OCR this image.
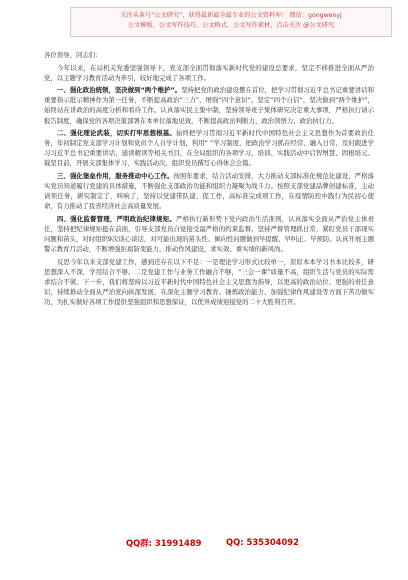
关注头条号“公文研究”，获得最新最全最专业的公文资料库！ 微信：gongwenyj

公文模板、公文写作技巧、公文格式、公文写作素材，点击关注 @公文研究

各位领导、同志们：

今年以来，在局机关党委坚强领导下，党支部全面贯彻落实新时代党的建设总要求，坚定不移推进全面从严治党，以主题学习教育活动为牵引，较好地完成了各项工作。

一、强化政治统领，坚决做到“两个维护”。坚持把党的政治建设摆在首位，把学习贯彻习近平总书记重要讲话和重要指示批示精神作为第一任务，不断提高政治“三力”，增强“四个意识”、坚定“四个自信”，坚决做到“两个维护”，始终站在讲政治的高度分析和看待工作。认真落实民主集中制，坚持领导班子集体研究决定重大事项，严格执行请示报告制度，确保党的各项决策部署在本单位落地见效，不断提高政治判断力、政治领悟力、政治执行力。

二、强化理论武装，切实打牢思想根基。始终把学习贯彻习近平新时代中国特色社会主义思想作为首要政治任务，年初制定党支部学习计划和党员个人自学计划，利用“ ”学习制度，把政治学习抓在经常、融入日常，及时跟进学习习近平总书记重要讲话，通读精读等相关书目，在全局组织的各项学习、培训、实践活动中启智增慧、固根培元、载坚目前，开展支部集体学习、实践活动次，组织党员撰写心得体会会篇。

三、强化堡垒作用，服务推动中心工作。按照年要求，结合活动安排，大力推动支部标准化规范化建设，严格落实党员知道履行党建的具体措施，不断强化支部政治功能和组织力凝聚为战斗力。按照支部党建品牌创建标准，主动请领任务，研究制定了，叫响了，坚持以党建带队建、促工作，高标准完成项工作，在疫情防控中践行为民初心使命，有力推动了我省经济社会高质量发展。

四、强化监督管理，严明政治纪律规矩。严格执行新形势下党内政治生活准则，认真落实全面从严治党主体责任，坚持把纪律规矩挺在前面，引导支部党员自觉接受最严格的约束监督。坚持严督管理抓日常，紧盯党员干部现实问题和苗头，对时组织9次谈心谈话，对可能出现的苗头性、倾向性问题做到早提醒、早纠正、早预防。认真开展主题警示教育月活动，不断增强拒腐防变能力，推动作风建设，求实效、重实绩的新风尚。

反思今年以来支部党建工作，感到还存在以下不足：一是理论学习形式比较单一，原原本本学习书本比较多，研思想深入不深，学用结合不够。二是党建工作与业务工作融合不够，“三会一课”质量不高，组织生活与党员的实际需求结合不紧。下一步，我们将坚持以习近平新时代中国特色社会主义思想为指导，以更高的政治站位、更强的责任意识，持续推动全面从严治党向纵深发展，在深化主题学习教育、锤炼政治能力、加强纪律作风建设等方面下苦功做实功，为扎实做好各项工作提供坚强组织和思想保证，以优异成绩迎接党的二十大胜利召开。

QQ群: 31991489	QQ: 535304092
